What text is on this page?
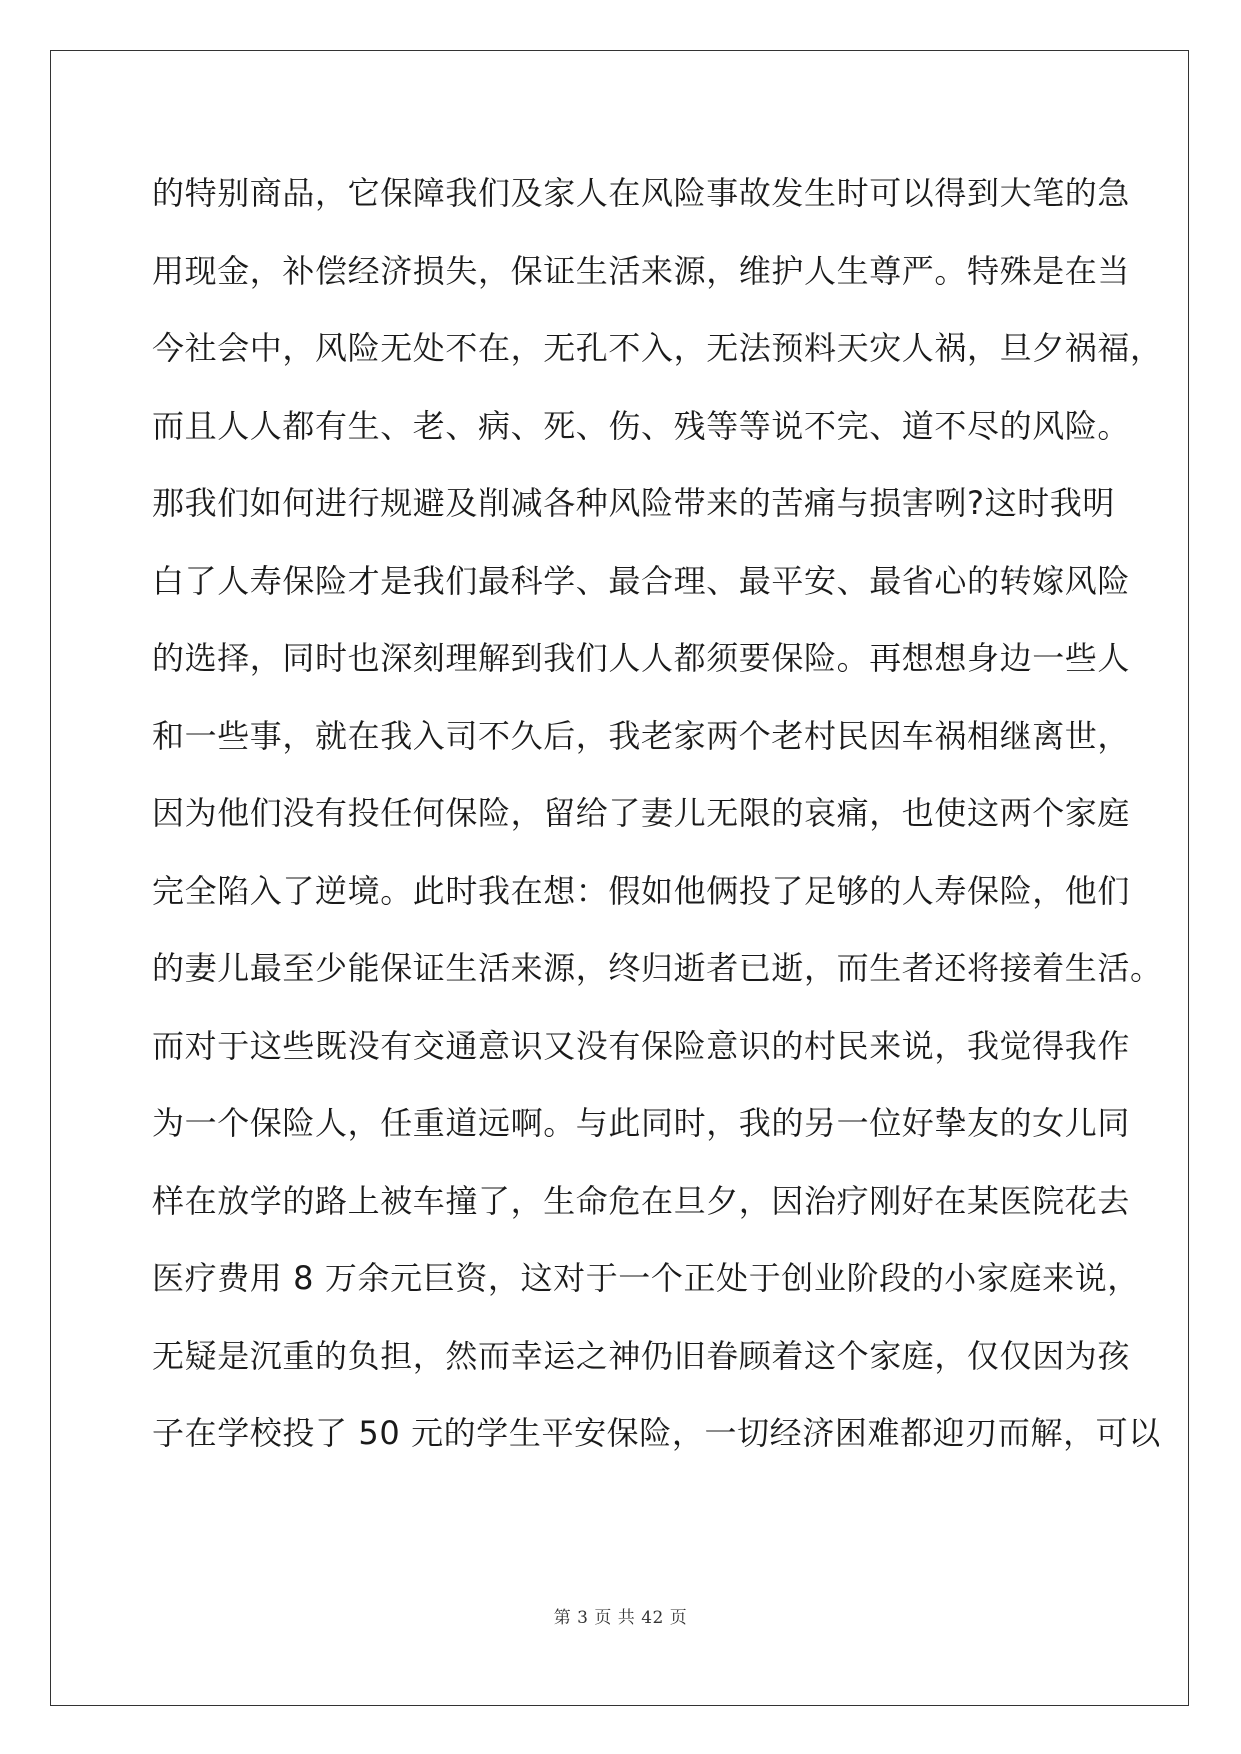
的特别商品，它保障我们及家人在风险事故发生时可以得到大笔的急
用现金，补偿经济损失，保证生活来源，维护人生尊严。特殊是在当
今社会中，风险无处不在，无孔不入，无法预料天灾人祸，旦夕祸福，
而且人人都有生、老、病、死、伤、残等等说不完、道不尽的风险。
那我们如何进行规避及削减各种风险带来的苦痛与损害咧?这时我明
白了人寿保险才是我们最科学、最合理、最平安、最省心的转嫁风险
的选择，同时也深刻理解到我们人人都须要保险。再想想身边一些人
和一些事，就在我入司不久后，我老家两个老村民因车祸相继离世，
因为他们没有投任何保险，留给了妻儿无限的哀痛，也使这两个家庭
完全陷入了逆境。此时我在想：假如他俩投了足够的人寿保险，他们
的妻儿最至少能保证生活来源，终归逝者已逝，而生者还将接着生活。
而对于这些既没有交通意识又没有保险意识的村民来说，我觉得我作
为一个保险人，任重道远啊。与此同时，我的另一位好挚友的女儿同
样在放学的路上被车撞了，生命危在旦夕，因治疗刚好在某医院花去
医疗费用 8 万余元巨资，这对于一个正处于创业阶段的小家庭来说，
无疑是沉重的负担，然而幸运之神仍旧眷顾着这个家庭，仅仅因为孩
子在学校投了 50 元的学生平安保险，一切经济困难都迎刃而解，可以
第 3 页 共 42 页
